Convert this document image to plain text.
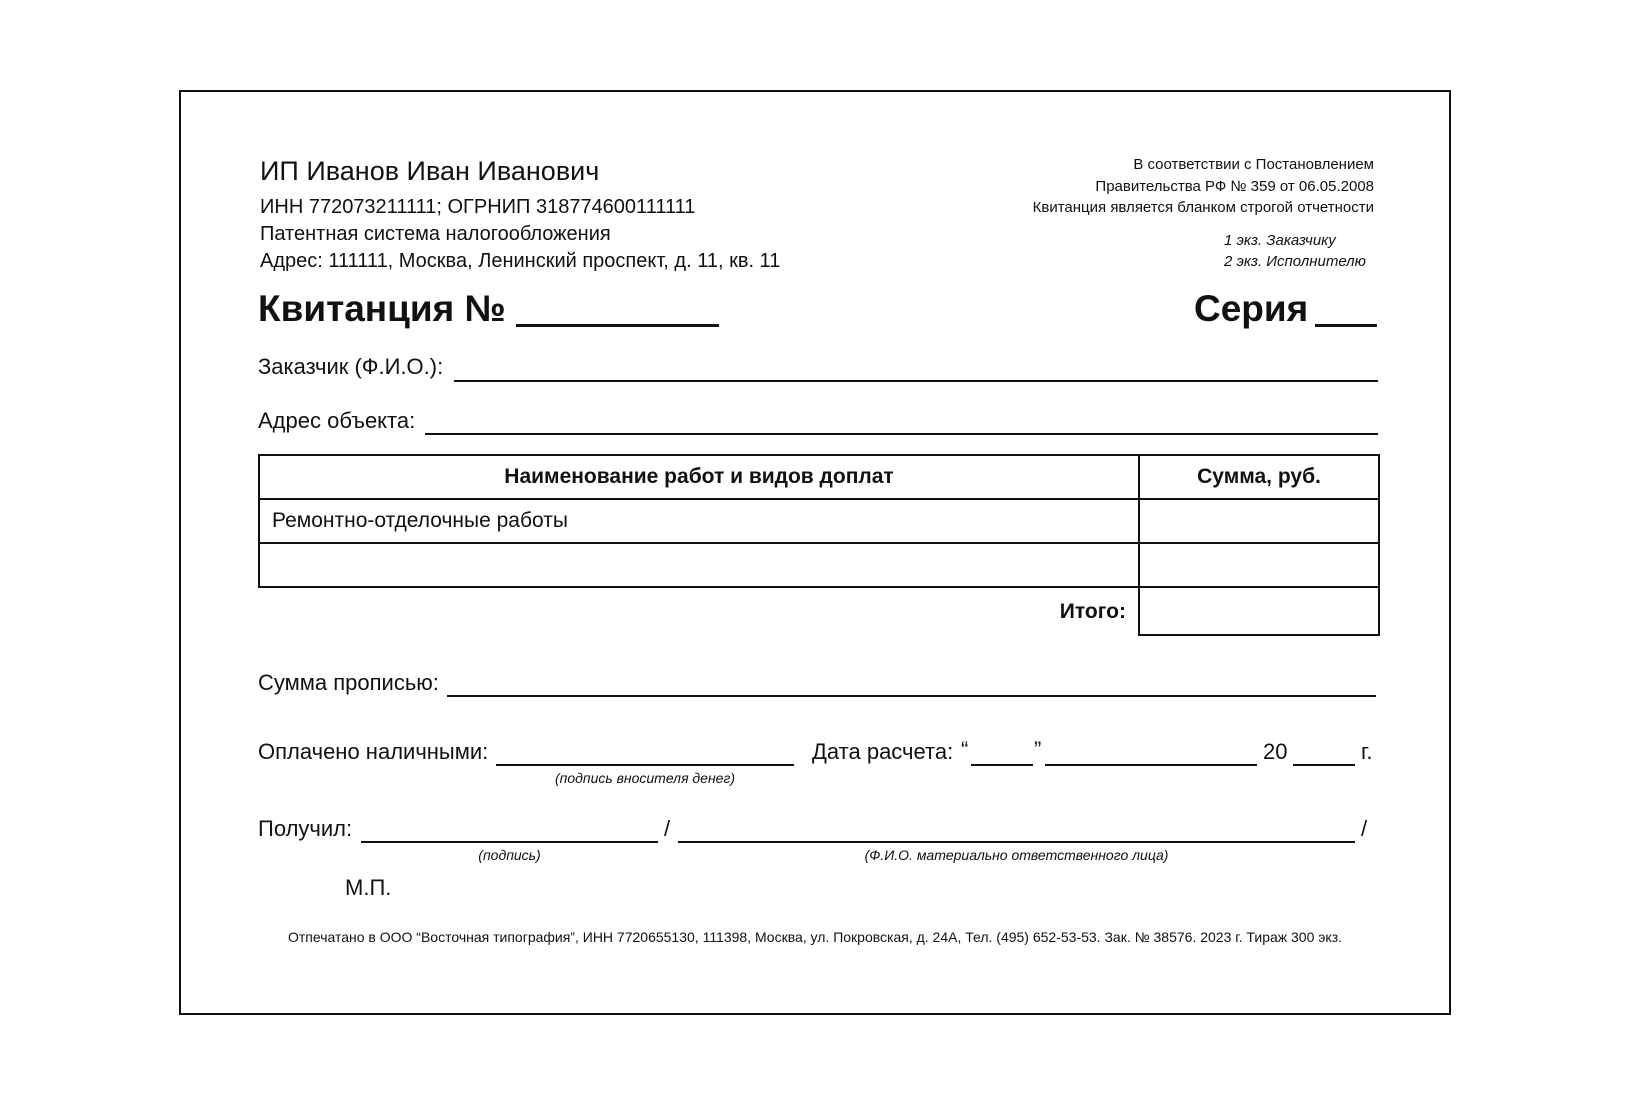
ИП Иванов Иван Иванович
ИНН 772073211111; ОГРНИП 318774600111111
Патентная система налогообложения
Адрес: 111111, Москва, Ленинский проспект, д. 11, кв. 11
В соответствии с Постановлением
Правительства РФ № 359 от 06.05.2008
Квитанция является бланком строгой отчетности
1 экз. Заказчику
2 экз. Исполнителю
Квитанция №	Серия
Заказчик (Ф.И.О.):
Адрес объекта:
Наименование работ и видов доплат	Сумма, руб.
Ремонтно-отделочные работы	

Итого:	
Сумма прописью:
Оплачено наличными:
(подпись вносителя денег)
Дата расчета: “	”	20	г.
Получил:	/	/
(подпись)	(Ф.И.О. материально ответственного лица)
М.П.
Отпечатано в ООО “Восточная типография”, ИНН 7720655130, 111398, Москва, ул. Покровская, д. 24А, Тел. (495) 652-53-53. Зак. № 38576. 2023 г. Тираж 300 экз.
